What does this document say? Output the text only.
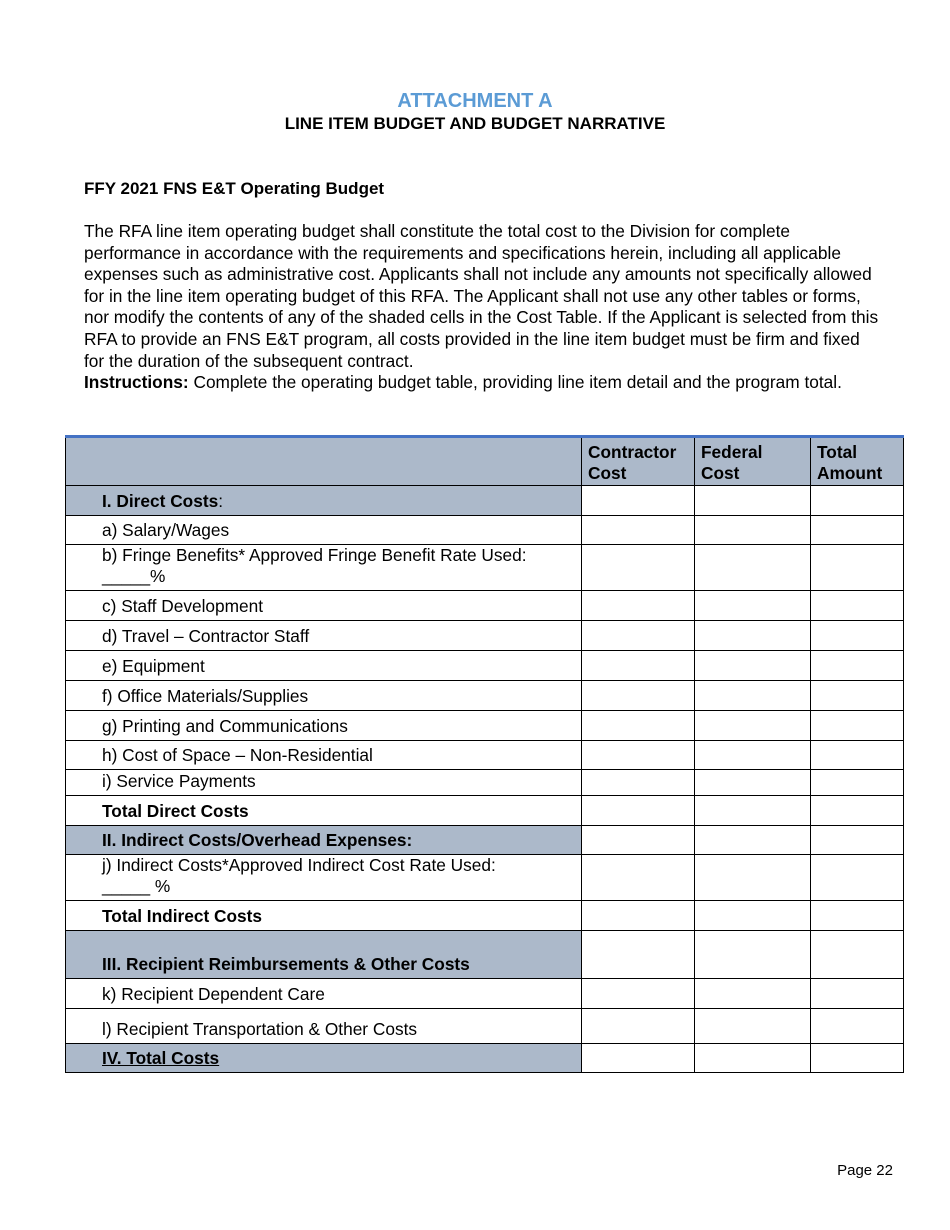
ATTACHMENT A
LINE ITEM BUDGET AND BUDGET NARRATIVE
FFY 2021 FNS E&T Operating Budget
The RFA line item operating budget shall constitute the total cost to the Division for complete performance in accordance with the requirements and specifications herein, including all applicable expenses such as administrative cost. Applicants shall not include any amounts not specifically allowed for in the line item operating budget of this RFA. The Applicant shall not use any other tables or forms, nor modify the contents of any of the shaded cells in the Cost Table. If the Applicant is selected from this RFA to provide an FNS E&T program, all costs provided in the line item budget must be firm and fixed for the duration of the subsequent contract.
Instructions: Complete the operating budget table, providing line item detail and the program total.
	Contractor Cost	Federal Cost	Total Amount
I. Direct Costs:			
a) Salary/Wages			
b) Fringe Benefits* Approved Fringe Benefit Rate Used:
_____%			
c) Staff Development			
d) Travel – Contractor Staff			
e) Equipment			
f) Office Materials/Supplies			
g) Printing and Communications			
h) Cost of Space – Non-Residential			
i) Service Payments			
Total Direct Costs			
II. Indirect Costs/Overhead Expenses:			
j) Indirect Costs*Approved Indirect Cost Rate Used:
_____ %			
Total Indirect Costs			
III. Recipient Reimbursements & Other Costs			
k) Recipient Dependent Care			
l) Recipient Transportation & Other Costs			
IV. Total Costs			
Page 22
